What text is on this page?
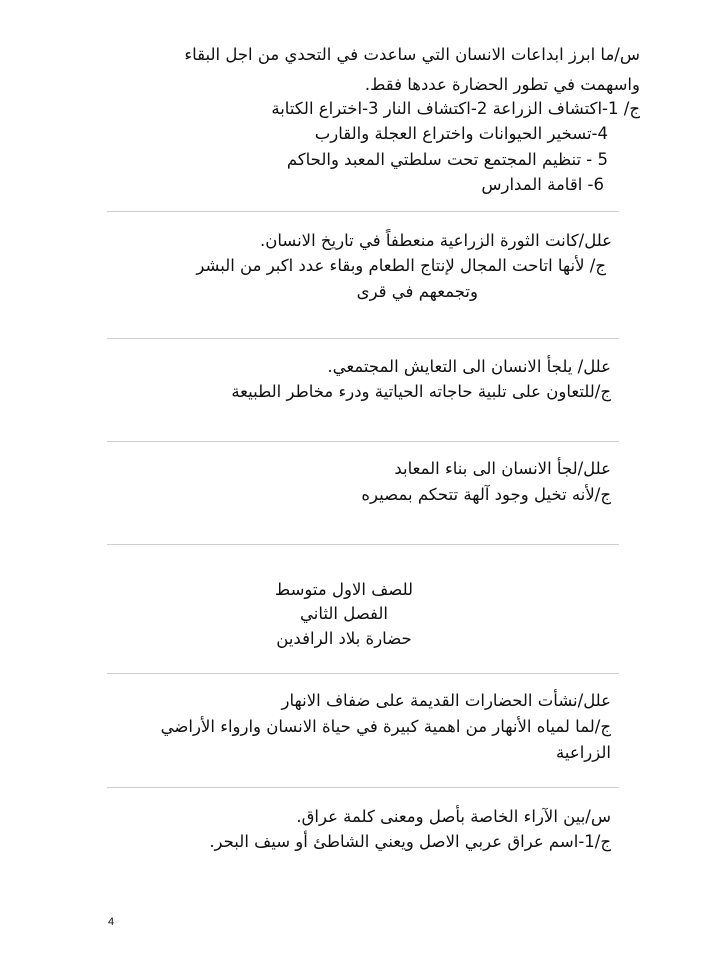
س/ما ابرز ابداعات الانسان التي ساعدت في التحدي من اجل البقاء
واسهمت في تطور الحضارة عددها فقط.
ج/ 1-اكتشاف الزراعة 2-اكتشاف النار 3-اختراع الكتابة
4-تسخير الحيوانات واختراع العجلة والقارب
5 - تنظيم المجتمع تحت سلطتي المعبد والحاكم
6- اقامة المدارس
علل/كانت الثورة الزراعية منعطفاً في تاريخ الانسان.
ج/ لأنها اتاحت المجال لإنتاج الطعام وبقاء عدد اكبر من البشر
وتجمعهم في قرى
علل/ يلجأ الانسان الى التعايش المجتمعي.
ج/للتعاون على تلبية حاجاته الحياتية ودرء مخاطر الطبيعة
علل/لجأ الانسان الى بناء المعابد
ج/لأنه تخيل وجود آلهة تتحكم بمصيره
للصف الاول متوسط
الفصل الثاني
حضارة بلاد الرافدين
علل/نشأت الحضارات القديمة على ضفاف الانهار
ج/لما لمياه الأنهار من اهمية كبيرة في حياة الانسان وارواء الأراضي
الزراعية
س/بين الآراء الخاصة بأصل ومعنى كلمة عراق.
ج/1-اسم عراق عربي الاصل ويعني الشاطئ أو سيف البحر.
4
